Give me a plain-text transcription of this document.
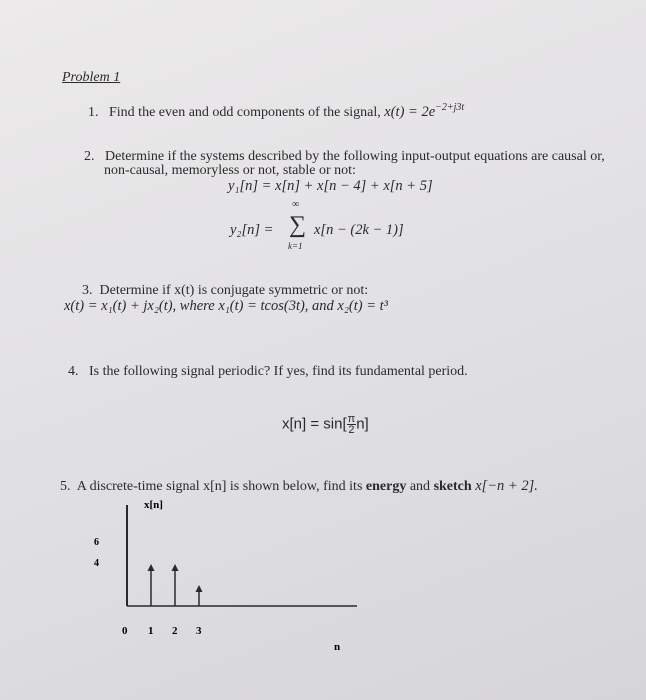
Problem 1
1. Find the even and odd components of the signal, $x(t) = 2e^{-2+j3t}$
2. Determine if the systems described by the following input-output equations are causal or,
non-causal, memoryless or not, stable or not:
y₁[n] = x[n] + x[n − 4] + x[n + 5]
y₂[n] =
∞
∑
k=1
x[n − (2k − 1)]
3. Determine if x(t) is conjugate symmetric or not:
x(t) = x₁(t) + jx₂(t), where x₁(t) = tcos(3t), and x₂(t) = t³
4. Is the following signal periodic? If yes, find its fundamental period.
$x[n] = \sin[ \frac{\pi}{2} n]$
5. A discrete-time signal x[n] is shown below, find its energy and sketch x[−n + 2].
x[n]
0 1 2 3
6
4
n
